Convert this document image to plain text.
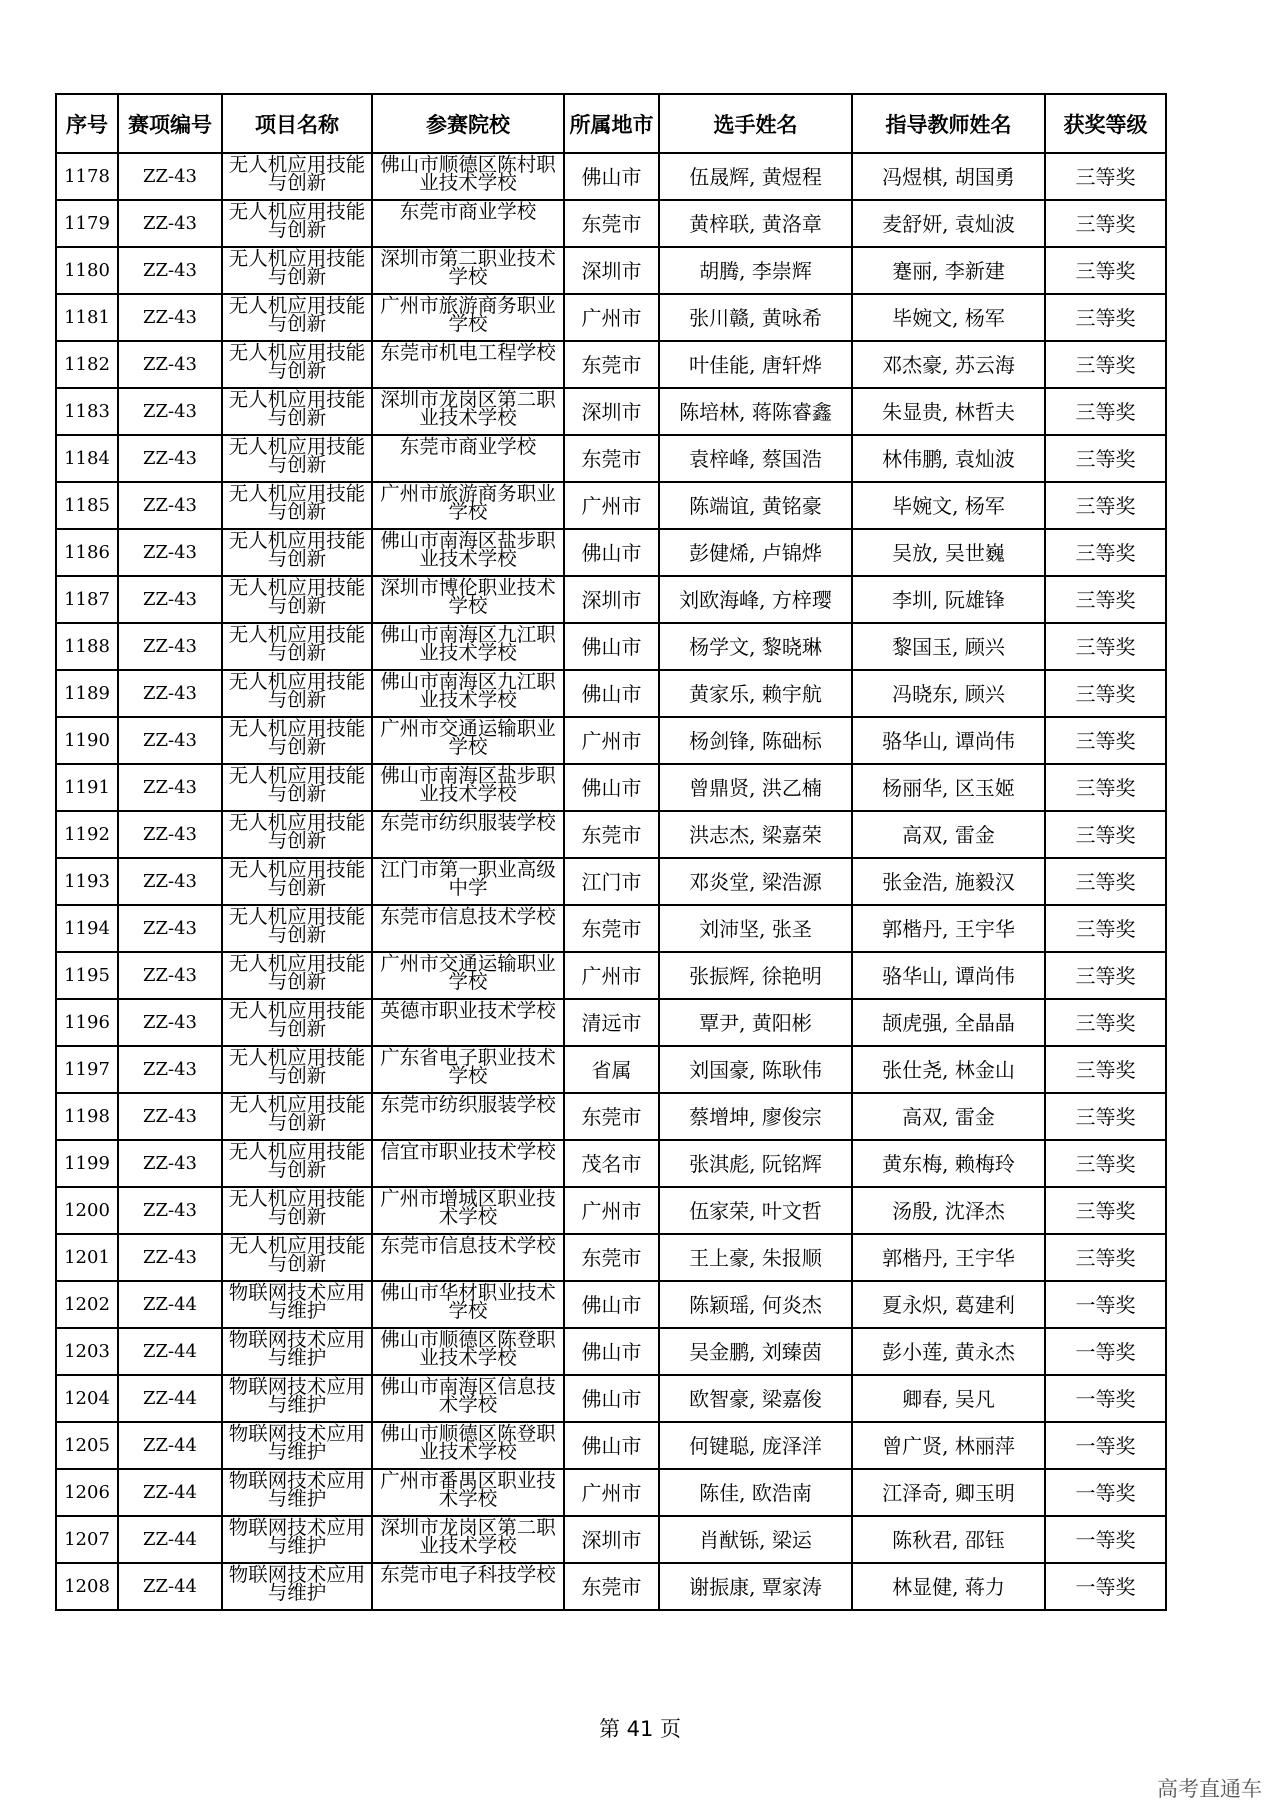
序号	赛项编号	项目名称	参赛院校	所属地市	选手姓名	指导教师姓名	获奖等级
1178	ZZ-43	无人机应用技能与创新	佛山市顺德区陈村职业技术学校	佛山市	伍晟辉, 黄煜程	冯煜棋, 胡国勇	三等奖
1179	ZZ-43	无人机应用技能与创新	东莞市商业学校	东莞市	黄梓联, 黄洛章	麦舒妍, 袁灿波	三等奖
1180	ZZ-43	无人机应用技能与创新	深圳市第二职业技术学校	深圳市	胡腾, 李崇辉	蹇丽, 李新建	三等奖
1181	ZZ-43	无人机应用技能与创新	广州市旅游商务职业学校	广州市	张川赣, 黄咏希	毕婉文, 杨军	三等奖
1182	ZZ-43	无人机应用技能与创新	东莞市机电工程学校	东莞市	叶佳能, 唐轩烨	邓杰豪, 苏云海	三等奖
1183	ZZ-43	无人机应用技能与创新	深圳市龙岗区第二职业技术学校	深圳市	陈培林, 蒋陈睿鑫	朱显贵, 林哲夫	三等奖
1184	ZZ-43	无人机应用技能与创新	东莞市商业学校	东莞市	袁梓峰, 蔡国浩	林伟鹏, 袁灿波	三等奖
1185	ZZ-43	无人机应用技能与创新	广州市旅游商务职业学校	广州市	陈端谊, 黄铭豪	毕婉文, 杨军	三等奖
1186	ZZ-43	无人机应用技能与创新	佛山市南海区盐步职业技术学校	佛山市	彭健烯, 卢锦烨	吴放, 吴世巍	三等奖
1187	ZZ-43	无人机应用技能与创新	深圳市博伦职业技术学校	深圳市	刘欧海峰, 方梓璎	李圳, 阮雄锋	三等奖
1188	ZZ-43	无人机应用技能与创新	佛山市南海区九江职业技术学校	佛山市	杨学文, 黎晓琳	黎国玉, 顾兴	三等奖
1189	ZZ-43	无人机应用技能与创新	佛山市南海区九江职业技术学校	佛山市	黄家乐, 赖宇航	冯晓东, 顾兴	三等奖
1190	ZZ-43	无人机应用技能与创新	广州市交通运输职业学校	广州市	杨剑锋, 陈础标	骆华山, 谭尚伟	三等奖
1191	ZZ-43	无人机应用技能与创新	佛山市南海区盐步职业技术学校	佛山市	曾鼎贤, 洪乙楠	杨丽华, 区玉姬	三等奖
1192	ZZ-43	无人机应用技能与创新	东莞市纺织服装学校	东莞市	洪志杰, 梁嘉荣	高双, 雷金	三等奖
1193	ZZ-43	无人机应用技能与创新	江门市第一职业高级中学	江门市	邓炎堂, 梁浩源	张金浩, 施毅汉	三等奖
1194	ZZ-43	无人机应用技能与创新	东莞市信息技术学校	东莞市	刘沛坚, 张圣	郭楷丹, 王宇华	三等奖
1195	ZZ-43	无人机应用技能与创新	广州市交通运输职业学校	广州市	张振辉, 徐艳明	骆华山, 谭尚伟	三等奖
1196	ZZ-43	无人机应用技能与创新	英德市职业技术学校	清远市	覃尹, 黄阳彬	颉虎强, 全晶晶	三等奖
1197	ZZ-43	无人机应用技能与创新	广东省电子职业技术学校	省属	刘国豪, 陈耿伟	张仕尧, 林金山	三等奖
1198	ZZ-43	无人机应用技能与创新	东莞市纺织服装学校	东莞市	蔡增坤, 廖俊宗	高双, 雷金	三等奖
1199	ZZ-43	无人机应用技能与创新	信宜市职业技术学校	茂名市	张淇彪, 阮铭辉	黄东梅, 赖梅玲	三等奖
1200	ZZ-43	无人机应用技能与创新	广州市增城区职业技术学校	广州市	伍家荣, 叶文哲	汤殷, 沈泽杰	三等奖
1201	ZZ-43	无人机应用技能与创新	东莞市信息技术学校	东莞市	王上豪, 朱报顺	郭楷丹, 王宇华	三等奖
1202	ZZ-44	物联网技术应用与维护	佛山市华材职业技术学校	佛山市	陈颖瑶, 何炎杰	夏永炽, 葛建利	一等奖
1203	ZZ-44	物联网技术应用与维护	佛山市顺德区陈登职业技术学校	佛山市	吴金鹏, 刘臻茵	彭小莲, 黄永杰	一等奖
1204	ZZ-44	物联网技术应用与维护	佛山市南海区信息技术学校	佛山市	欧智豪, 梁嘉俊	卿春, 吴凡	一等奖
1205	ZZ-44	物联网技术应用与维护	佛山市顺德区陈登职业技术学校	佛山市	何键聪, 庞泽洋	曾广贤, 林丽萍	一等奖
1206	ZZ-44	物联网技术应用与维护	广州市番禺区职业技术学校	广州市	陈佳, 欧浩南	江泽奇, 卿玉明	一等奖
1207	ZZ-44	物联网技术应用与维护	深圳市龙岗区第二职业技术学校	深圳市	肖猷铄, 梁运	陈秋君, 邵钰	一等奖
1208	ZZ-44	物联网技术应用与维护	东莞市电子科技学校	东莞市	谢振康, 覃家涛	林显健, 蒋力	一等奖
第 41 页
高考直通车
